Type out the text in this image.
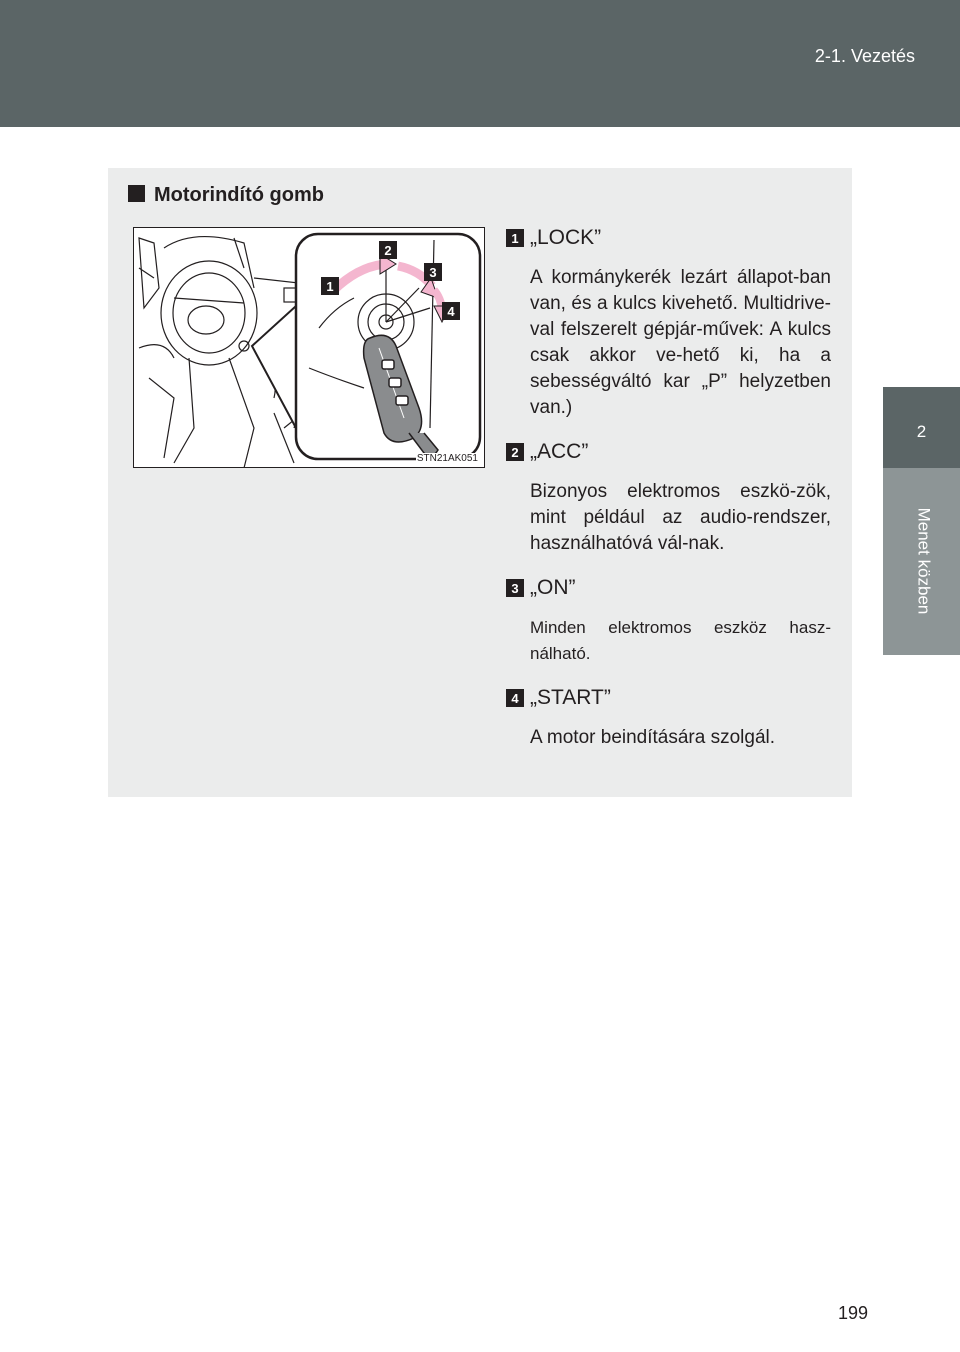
2-1. Vezetés
2
Menet közben
Motorindító gomb
1
2
3
4
STN21AK051
1 „LOCK”
A kormánykerék lezárt állapot-ban van, és a kulcs kivehető. Multidrive-val felszerelt gépjár-művek: A kulcs csak akkor ve-hető ki, ha a sebességváltó kar „P” helyzetben van.)
2 „ACC”
Bizonyos elektromos eszkö-zök, mint például az audio-rendszer, használhatóvá vál-nak.
3 „ON”
Minden elektromos eszköz hasz-nálható.
4 „START”
A motor beindítására szolgál.
199
